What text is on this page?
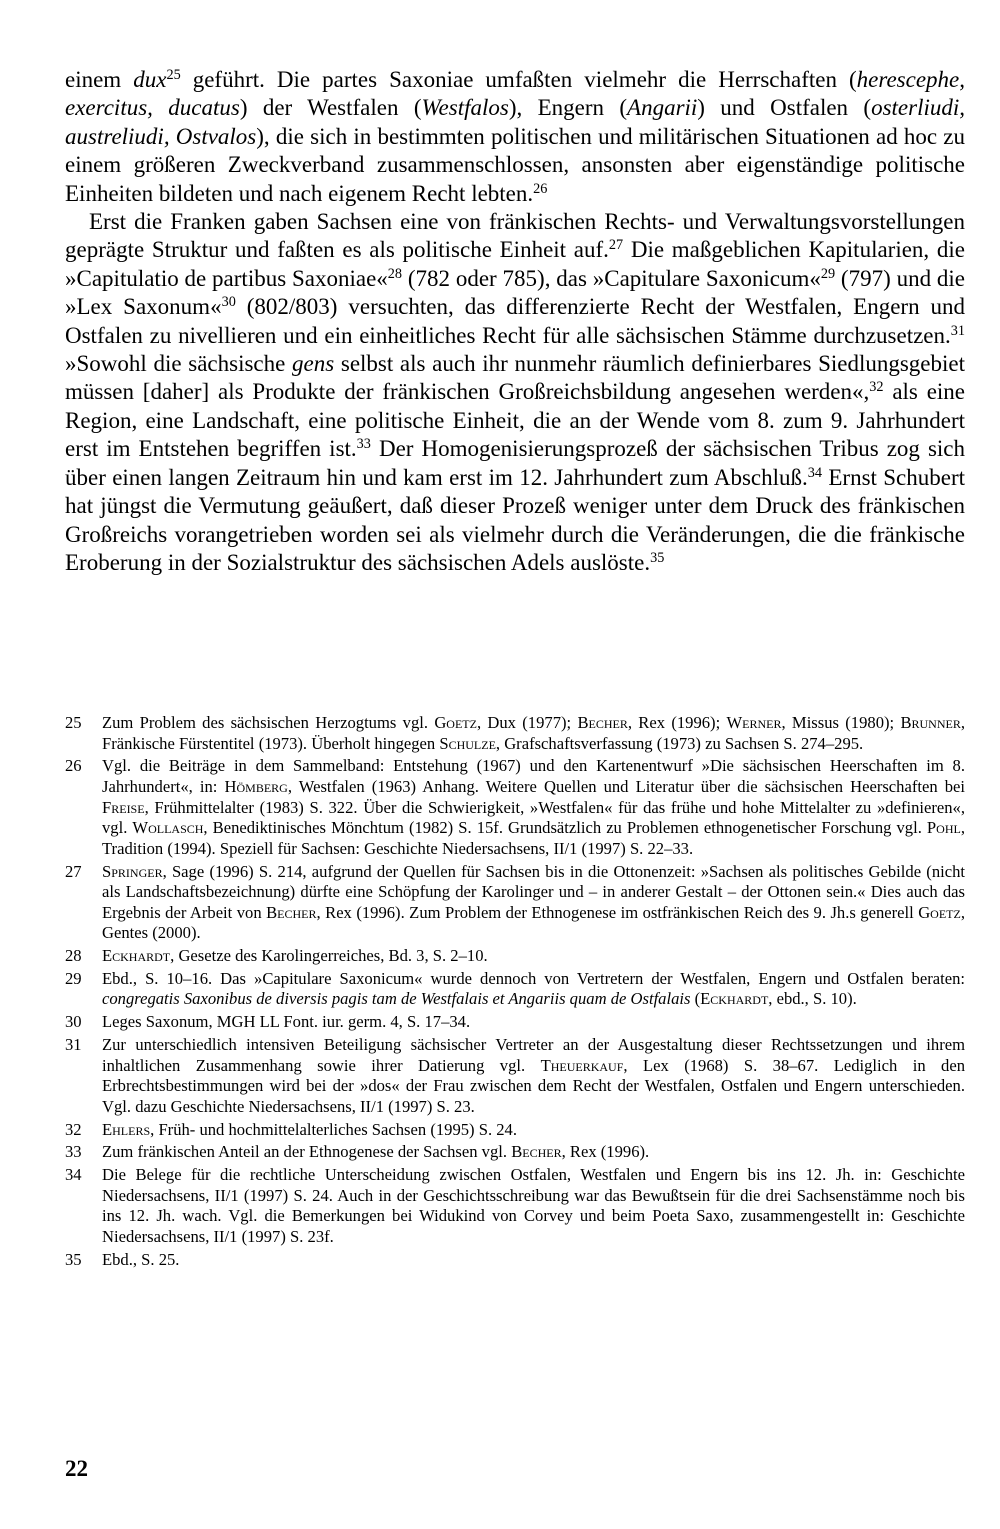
einem dux$^{25}$ geführt. Die partes Saxoniae umfaßten vielmehr die Herrschaften (herescephe, exercitus, ducatus) der Westfalen (Westfalos), Engern (Angarii) und Ostfalen (osterliudi, austreliudi, Ostvalos), die sich in bestimmten politischen und militärischen Situationen ad hoc zu einem größeren Zweckverband zusammenschlossen, ansonsten aber eigenständige politische Einheiten bildeten und nach eigenem Recht lebten.$^{26}$

Erst die Franken gaben Sachsen eine von fränkischen Rechts- und Verwaltungsvorstellungen geprägte Struktur und faßten es als politische Einheit auf.$^{27}$ Die maßgeblichen Kapitularien, die »Capitulatio de partibus Saxoniae«$^{28}$ (782 oder 785), das »Capitulare Saxonicum«$^{29}$ (797) und die »Lex Saxonum«$^{30}$ (802/803) versuchten, das differenzierte Recht der Westfalen, Engern und Ostfalen zu nivellieren und ein einheitliches Recht für alle sächsischen Stämme durchzusetzen.$^{31}$ »Sowohl die sächsische gens selbst als auch ihr nunmehr räumlich definierbares Siedlungsgebiet müssen [daher] als Produkte der fränkischen Großreichsbildung angesehen werden«,$^{32}$ als eine Region, eine Landschaft, eine politische Einheit, die an der Wende vom 8. zum 9. Jahrhundert erst im Entstehen begriffen ist.$^{33}$ Der Homogenisierungsprozeß der sächsischen Tribus zog sich über einen langen Zeitraum hin und kam erst im 12. Jahrhundert zum Abschluß.$^{34}$ Ernst Schubert hat jüngst die Vermutung geäußert, daß dieser Prozeß weniger unter dem Druck des fränkischen Großreichs vorangetrieben worden sei als vielmehr durch die Veränderungen, die die fränkische Eroberung in der Sozialstruktur des sächsischen Adels auslöste.$^{35}$

25	Zum Problem des sächsischen Herzogtums vgl. Goetz, Dux (1977); Becher, Rex (1996); Werner, Missus (1980); Brunner, Fränkische Fürstentitel (1973). Überholt hingegen Schulze, Grafschaftsverfassung (1973) zu Sachsen S. 274–295.
26	Vgl. die Beiträge in dem Sammelband: Entstehung (1967) und den Kartenentwurf »Die sächsischen Heerschaften im 8. Jahrhundert«, in: Hömberg, Westfalen (1963) Anhang. Weitere Quellen und Literatur über die sächsischen Heerschaften bei Freise, Frühmittelalter (1983) S. 322. Über die Schwierigkeit, »Westfalen« für das frühe und hohe Mittelalter zu »definieren«, vgl. Wollasch, Benediktinisches Mönchtum (1982) S. 15f. Grundsätzlich zu Problemen ethnogenetischer Forschung vgl. Pohl, Tradition (1994). Speziell für Sachsen: Geschichte Niedersachsens, II/1 (1997) S. 22–33.
27	Springer, Sage (1996) S. 214, aufgrund der Quellen für Sachsen bis in die Ottonenzeit: »Sachsen als politisches Gebilde (nicht als Landschaftsbezeichnung) dürfte eine Schöpfung der Karolinger und – in anderer Gestalt – der Ottonen sein.« Dies auch das Ergebnis der Arbeit von Becher, Rex (1996). Zum Problem der Ethnogenese im ostfränkischen Reich des 9. Jh.s generell Goetz, Gentes (2000).
28	Eckhardt, Gesetze des Karolingerreiches, Bd. 3, S. 2–10.
29	Ebd., S. 10–16. Das »Capitulare Saxonicum« wurde dennoch von Vertretern der Westfalen, Engern und Ostfalen beraten: congregatis Saxonibus de diversis pagis tam de Westfalais et Angariis quam de Ostfalais (Eckhardt, ebd., S. 10).
30	Leges Saxonum, MGH LL Font. iur. germ. 4, S. 17–34.
31	Zur unterschiedlich intensiven Beteiligung sächsischer Vertreter an der Ausgestaltung dieser Rechtssetzungen und ihrem inhaltlichen Zusammenhang sowie ihrer Datierung vgl. Theuerkauf, Lex (1968) S. 38–67. Lediglich in den Erbrechtsbestimmungen wird bei der »dos« der Frau zwischen dem Recht der Westfalen, Ostfalen und Engern unterschieden. Vgl. dazu Geschichte Niedersachsens, II/1 (1997) S. 23.
32	Ehlers, Früh- und hochmittelalterliches Sachsen (1995) S. 24.
33	Zum fränkischen Anteil an der Ethnogenese der Sachsen vgl. Becher, Rex (1996).
34	Die Belege für die rechtliche Unterscheidung zwischen Ostfalen, Westfalen und Engern bis ins 12. Jh. in: Geschichte Niedersachsens, II/1 (1997) S. 24. Auch in der Geschichtsschreibung war das Bewußtsein für die drei Sachsenstämme noch bis ins 12. Jh. wach. Vgl. die Bemerkungen bei Widukind von Corvey und beim Poeta Saxo, zusammengestellt in: Geschichte Niedersachsens, II/1 (1997) S. 23f.
35	Ebd., S. 25.
22
